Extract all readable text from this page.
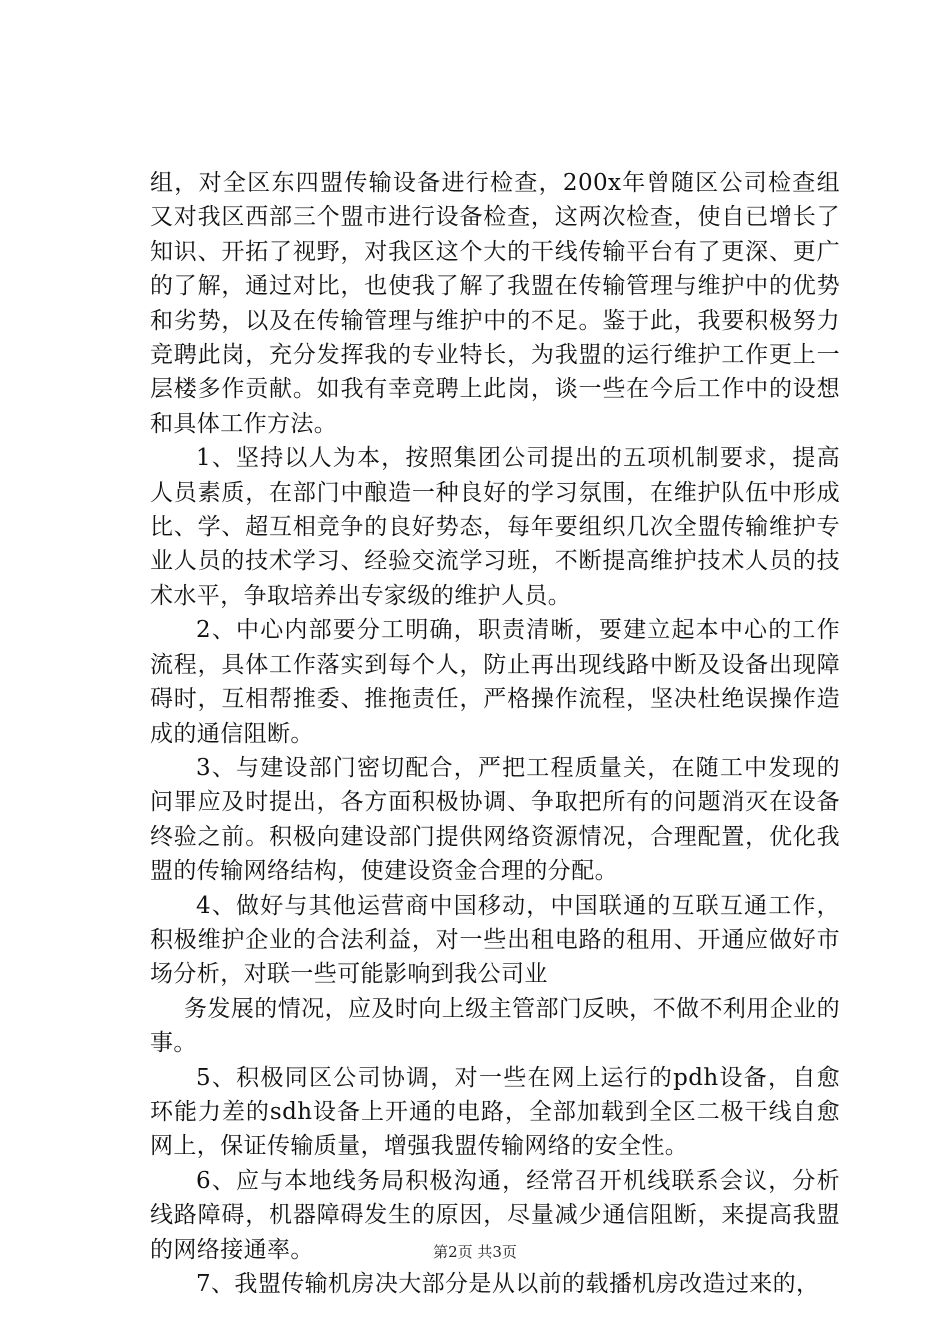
组，对全区东四盟传输设备进行检查，200x年曾随区公司检查组又对我区西部三个盟市进行设备检查，这两次检查，使自已增长了知识、开拓了视野，对我区这个大的干线传输平台有了更深、更广的了解，通过对比，也使我了解了我盟在传输管理与维护中的优势和劣势，以及在传输管理与维护中的不足。鉴于此，我要积极努力竞聘此岗，充分发挥我的专业特长，为我盟的运行维护工作更上一层楼多作贡献。如我有幸竞聘上此岗，谈一些在今后工作中的设想和具体工作方法。

1、坚持以人为本，按照集团公司提出的五项机制要求，提高人员素质，在部门中酿造一种良好的学习氛围，在维护队伍中形成比、学、超互相竞争的良好势态，每年要组织几次全盟传输维护专业人员的技术学习、经验交流学习班，不断提高维护技术人员的技术水平，争取培养出专家级的维护人员。

2、中心内部要分工明确，职责清晰，要建立起本中心的工作流程，具体工作落实到每个人，防止再出现线路中断及设备出现障碍时，互相帮推委、推拖责任，严格操作流程，坚决杜绝误操作造成的通信阻断。

3、与建设部门密切配合，严把工程质量关，在随工中发现的问罪应及时提出，各方面积极协调、争取把所有的问题消灭在设备终验之前。积极向建设部门提供网络资源情况，合理配置，优化我盟的传输网络结构，使建设资金合理的分配。

4、做好与其他运营商中国移动，中国联通的互联互通工作，积极维护企业的合法利益，对一些出租电路的租用、开通应做好市场分析，对联一些可能影响到我公司业

务发展的情况，应及时向上级主管部门反映，不做不利用企业的事。

5、积极同区公司协调，对一些在网上运行的pdh设备，自愈环能力差的sdh设备上开通的电路，全部加载到全区二极干线自愈网上，保证传输质量，增强我盟传输网络的安全性。

6、应与本地线务局积极沟通，经常召开机线联系会议，分析线路障碍，机器障碍发生的原因，尽量减少通信阻断，来提高我盟的网络接通率。

7、我盟传输机房决大部分是从以前的载播机房改造过来的，

第2页 共3页
